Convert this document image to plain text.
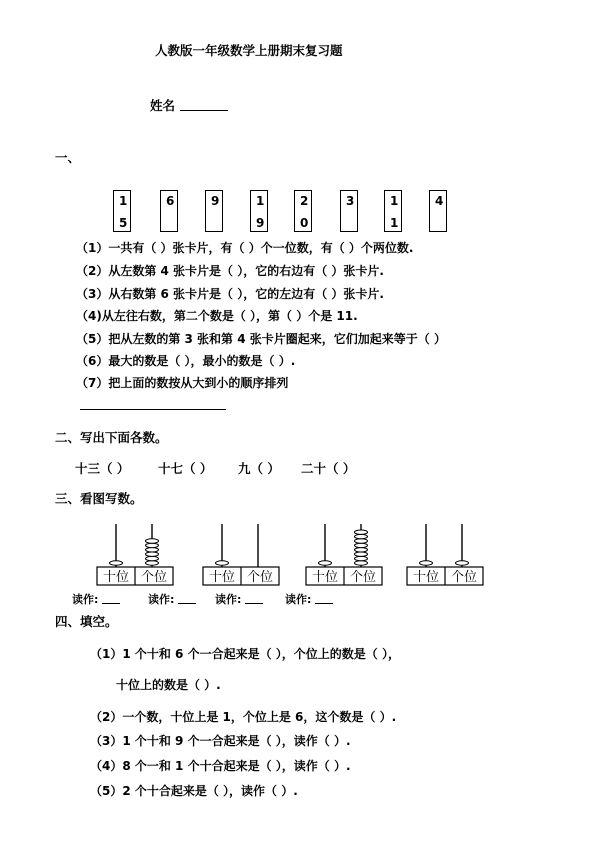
人教版一年级数学上册期末复习题
姓名
一、
1
5
6	9	1
9
2
0
3	1
1
4
（1）一共有（ ）张卡片，有（ ）个一位数，有（ ）个两位数.
（2）从左数第 4 张卡片是（ ），它的右边有（ ）张卡片.
（3）从右数第 6 张卡片是（ ），它的左边有（ ）张卡片.
（4)从左往右数，第二个数是（ ），第（ ）个是 11.
（5）把从左数的第 3 张和第 4 张卡片圈起来，它们加起来等于（ ）
（6）最大的数是（ ），最小的数是（ ）.
（7）把上面的数按从大到小的顺序排列
二、写出下面各数。
十三（ ） 十七（ ） 九（ ） 二十（ ）
三、看图写数。
十位 个位	十位 个位	十位 个位	十位 个位
读作:	读作:	读作:	读作:
四、填空。
（1）1 个十和 6 个一合起来是（ ），个位上的数是（ ），
十位上的数是（ ）.
（2）一个数，十位上是 1，个位上是 6，这个数是（ ）.
（3）1 个十和 9 个一合起来是（ ），读作（ ）.
（4）8 个一和 1 个十合起来是（ ），读作（ ）.
（5）2 个十合起来是（ ），读作（ ）.
